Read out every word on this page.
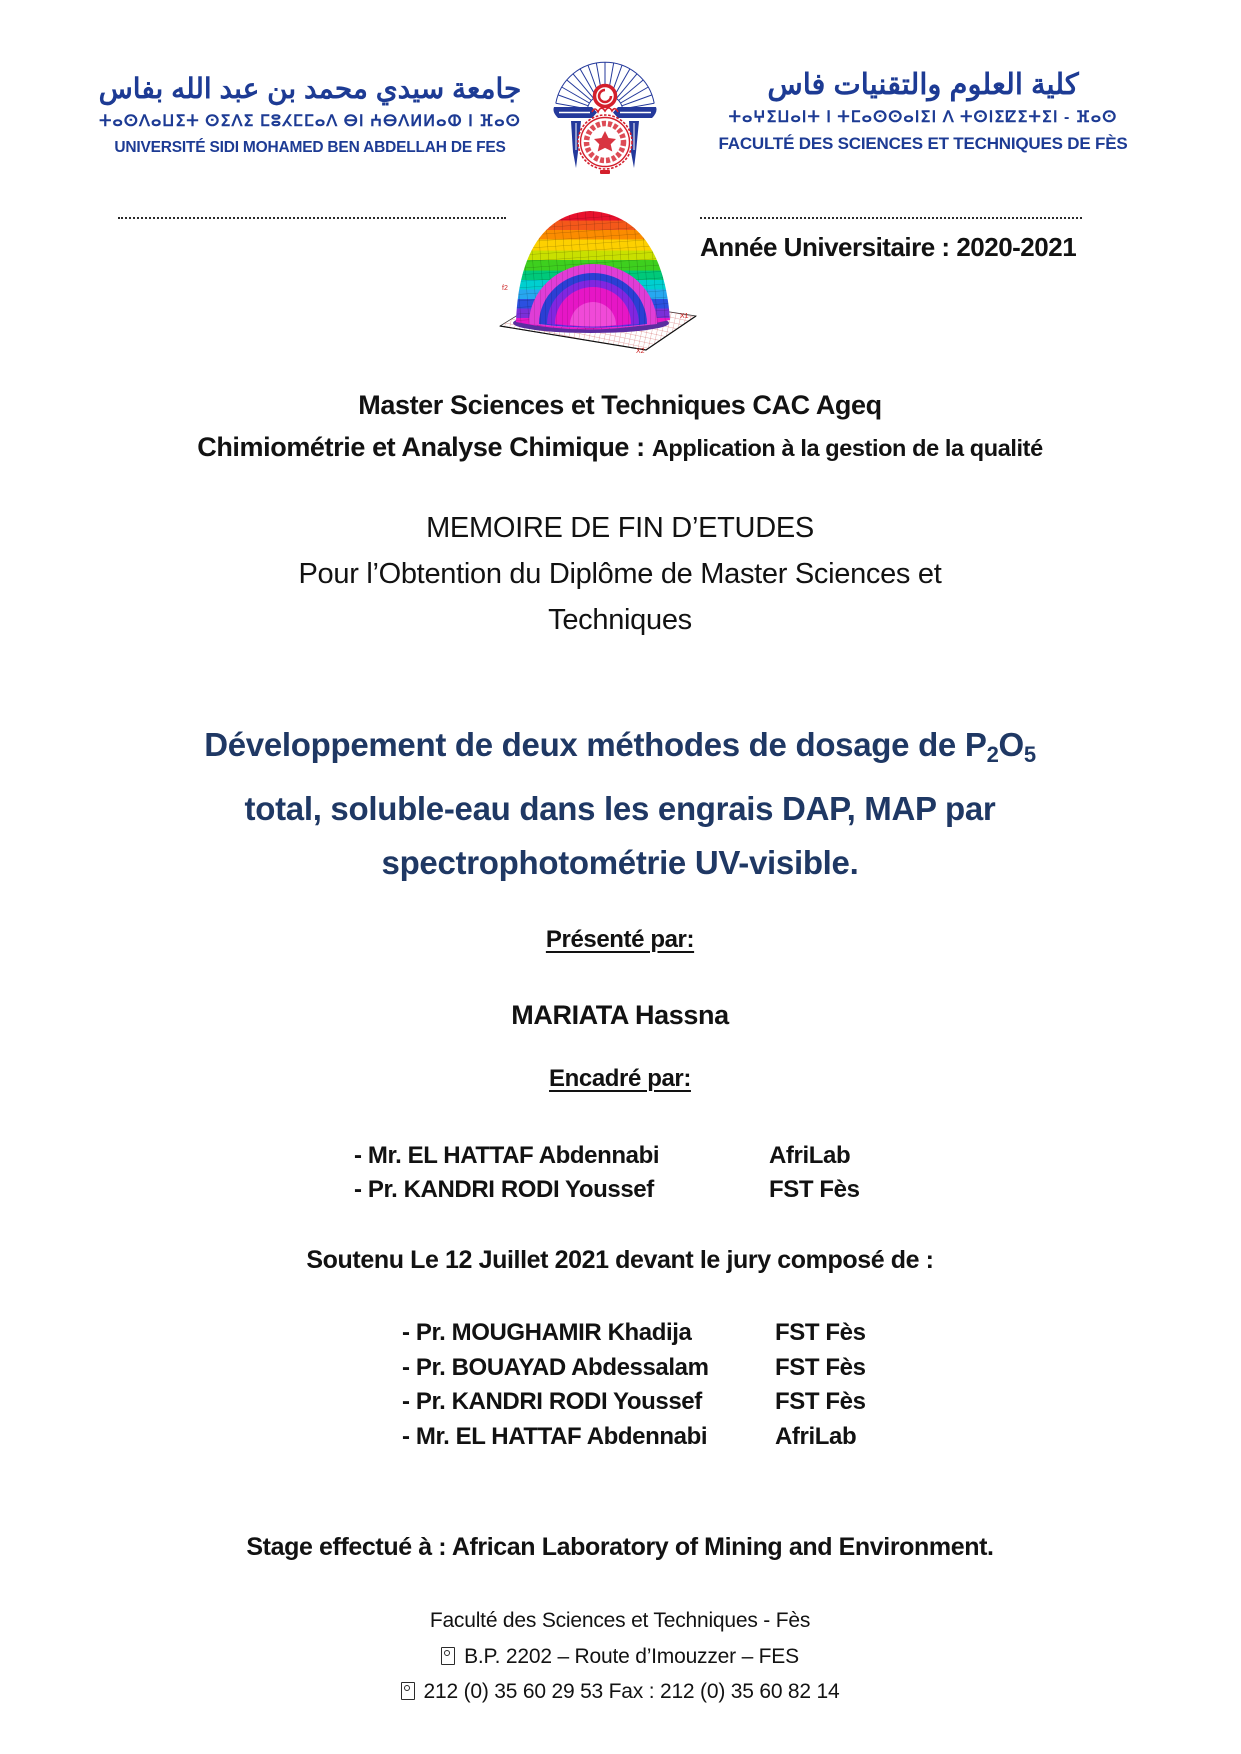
جامعة سيدي محمد بن عبد الله بفاس
ⵜⴰⵙⴷⴰⵡⵉⵜ ⵙⵉⴷⵉ ⵎⵓⵃⵎⵎⴰⴷ ⴱⵏ ⵄⴱⴷⵍⵍⴰⵀ ⵏ ⴼⴰⵙ
UNIVERSITÉ SIDI MOHAMED BEN ABDELLAH DE FES
كلية العلوم والتقنيات فاس
ⵜⴰⵖⵉⵡⴰⵏⵜ ⵏ ⵜⵎⴰⵙⵙⴰⵏⵉⵏ ⴷ ⵜⵙⵏⵉⵇⵉⵜⵉⵏ - ⴼⴰⵙ
FACULTÉ DES SCIENCES ET TECHNIQUES DE FÈS
f2
X1
X2
Année Universitaire : 2020-2021
Master Sciences et Techniques CAC Ageq
Chimiométrie et Analyse Chimique : Application à la gestion de la qualité
MEMOIRE DE FIN D’ETUDES
Pour l’Obtention du Diplôme de Master Sciences et
Techniques
Développement de deux méthodes de dosage de $P_2O_5$
total, soluble-eau dans les engrais DAP, MAP par
spectrophotométrie UV-visible.
Présenté par:
MARIATA Hassna
Encadré par:
- Mr. EL HATTAF Abdennabi	AfriLab
- Pr. KANDRI RODI Youssef	FST Fès
Soutenu Le 12 Juillet 2021 devant le jury composé de :
- Pr. MOUGHAMIR Khadija	FST Fès
- Pr. BOUAYAD Abdessalam	FST Fès
- Pr. KANDRI RODI Youssef	FST Fès
- Mr. EL HATTAF Abdennabi	AfriLab
Stage effectué à : African Laboratory of Mining and Environment.
Faculté des Sciences et Techniques - Fès
B.P. 2202 – Route d’Imouzzer – FES
212 (0) 35 60 29 53 Fax : 212 (0) 35 60 82 14
